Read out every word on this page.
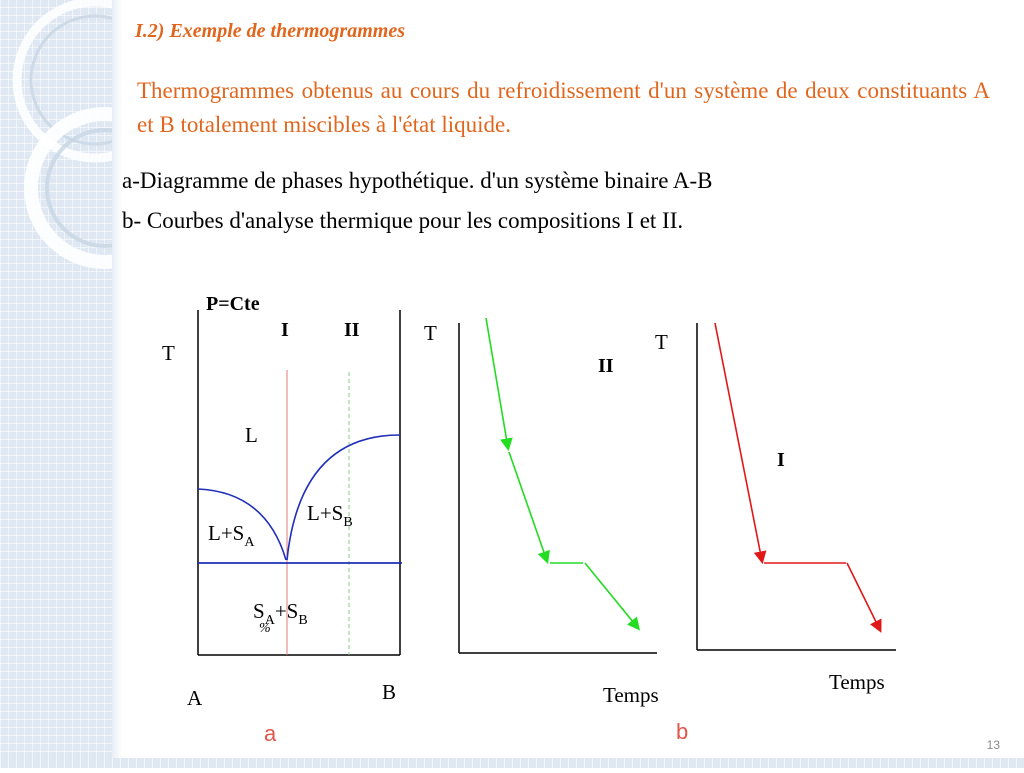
I.2) Exemple de thermogrammes
Thermogrammes obtenus au cours du refroidissement d'un système de deux constituants A et B totalement miscibles à l'état liquide.
a-Diagramme de phases hypothétique. d'un système binaire A-B
b- Courbes d'analyse thermique pour les compositions I et II.
P=Cte
I	II
T
L
$L+S_A$
$L+S_B$
$S_A+S_B$
%
A	B
a
T
II
Temps
T
I
Temps
b
13
